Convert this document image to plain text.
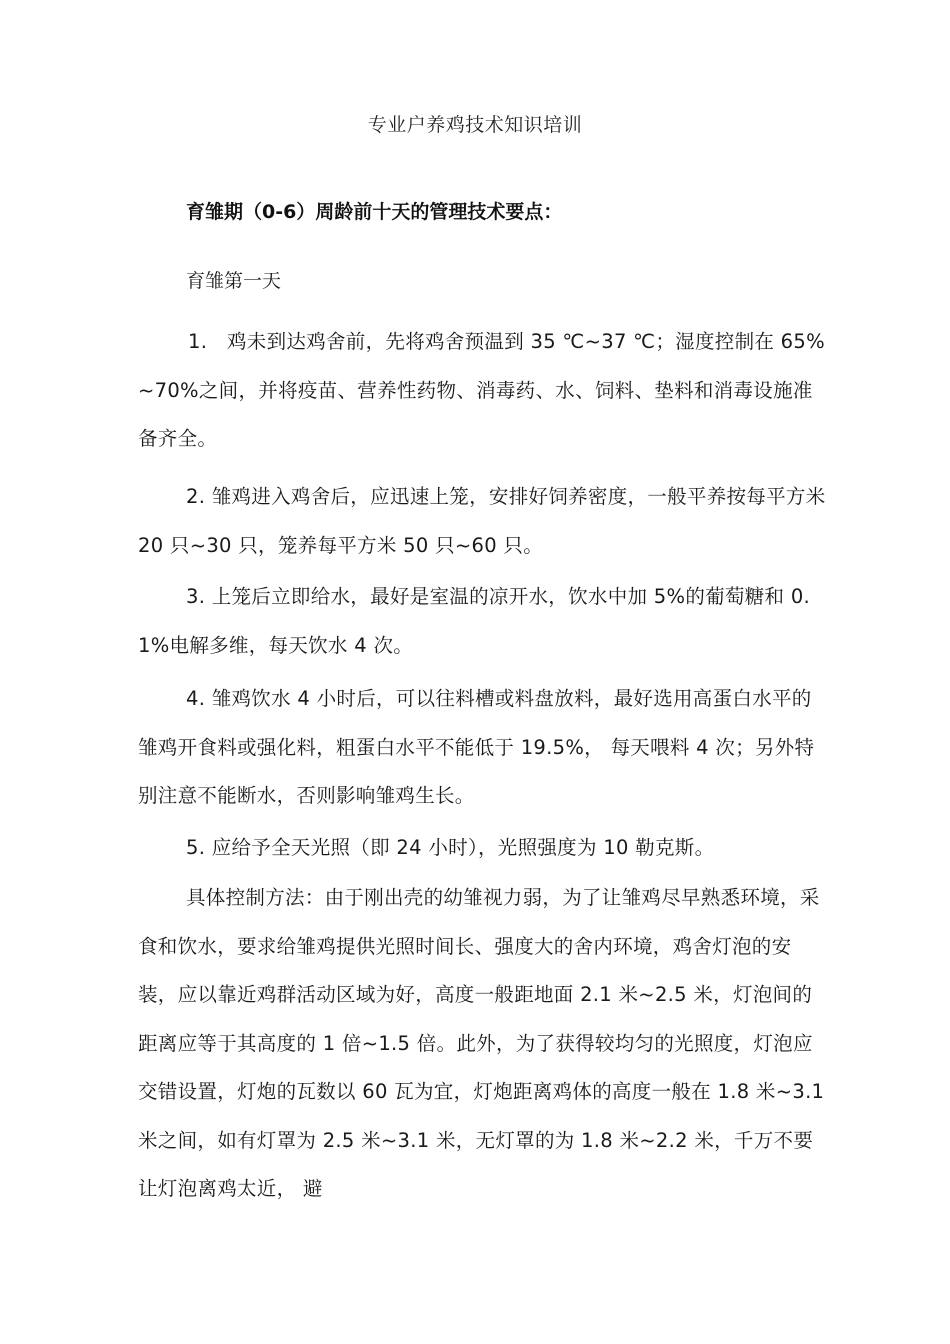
专业户养鸡技术知识培训
育雏期（0-6）周龄前十天的管理技术要点：
育雏第一天
1.　鸡未到达鸡舍前，先将鸡舍预温到 35 ℃~37 ℃；湿度控制在 65%~70%之间，并将疫苗、营养性药物、消毒药、水、饲料、垫料和消毒设施准备齐全。
2. 雏鸡进入鸡舍后，应迅速上笼，安排好饲养密度，一般平养按每平方米 20 只~30 只，笼养每平方米 50 只~60 只。
3. 上笼后立即给水，最好是室温的凉开水，饮水中加 5%的葡萄糖和 0.1%电解多维，每天饮水 4 次。
4. 雏鸡饮水 4 小时后，可以往料槽或料盘放料，最好选用高蛋白水平的雏鸡开食料或强化料，粗蛋白水平不能低于 19.5%， 每天喂料 4 次；另外特别注意不能断水，否则影响雏鸡生长。
5. 应给予全天光照（即 24 小时），光照强度为 10 勒克斯。
具体控制方法：由于刚出壳的幼雏视力弱，为了让雏鸡尽早熟悉环境，采食和饮水，要求给雏鸡提供光照时间长、强度大的舍内环境，鸡舍灯泡的安装，应以靠近鸡群活动区域为好，高度一般距地面 2.1 米~2.5 米，灯泡间的距离应等于其高度的 1 倍~1.5 倍。此外，为了获得较均匀的光照度，灯泡应交错设置，灯炮的瓦数以 60 瓦为宜，灯炮距离鸡体的高度一般在 1.8 米~3.1 米之间，如有灯罩为 2.5 米~3.1 米，无灯罩的为 1.8 米~2.2 米，千万不要让灯泡离鸡太近， 避
